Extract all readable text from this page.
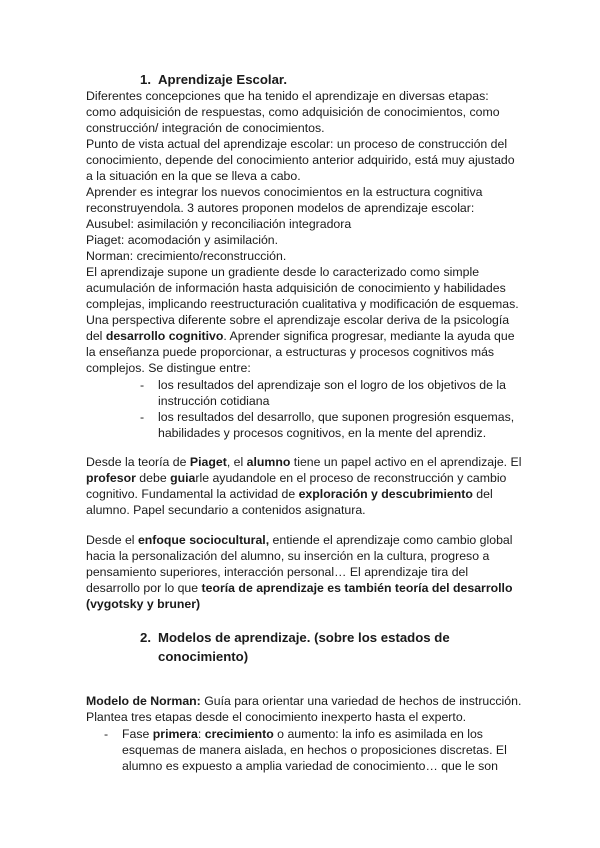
1. Aprendizaje Escolar.
Diferentes concepciones que ha tenido el aprendizaje en diversas etapas:
como adquisición de respuestas, como adquisición de conocimientos, como
construcción/ integración de conocimientos.
Punto de vista actual del aprendizaje escolar: un proceso de construcción del
conocimiento, depende del conocimiento anterior adquirido, está muy ajustado
a la situación en la que se lleva a cabo.
Aprender es integrar los nuevos conocimientos en la estructura cognitiva
reconstruyendola. 3 autores proponen modelos de aprendizaje escolar:
Ausubel: asimilación y reconciliación integradora
Piaget: acomodación y asimilación.
Norman: crecimiento/reconstrucción.
El aprendizaje supone un gradiente desde lo caracterizado como simple
acumulación de información hasta adquisición de conocimiento y habilidades
complejas, implicando reestructuración cualitativa y modificación de esquemas.
Una perspectiva diferente sobre el aprendizaje escolar deriva de la psicología
del desarrollo cognitivo. Aprender significa progresar, mediante la ayuda que
la enseñanza puede proporcionar, a estructuras y procesos cognitivos más
complejos. Se distingue entre:
- los resultados del aprendizaje son el logro de los objetivos de la
instrucción cotidiana
- los resultados del desarrollo, que suponen progresión esquemas,
habilidades y procesos cognitivos, en la mente del aprendiz.
Desde la teoría de Piaget, el alumno tiene un papel activo en el aprendizaje. El
profesor debe guiarle ayudandole en el proceso de reconstrucción y cambio
cognitivo. Fundamental la actividad de exploración y descubrimiento del
alumno. Papel secundario a contenidos asignatura.
Desde el enfoque sociocultural, entiende el aprendizaje como cambio global
hacia la personalización del alumno, su inserción en la cultura, progreso a
pensamiento superiores, interacción personal… El aprendizaje tira del
desarrollo por lo que teoría de aprendizaje es también teoría del desarrollo
(vygotsky y bruner)
2. Modelos de aprendizaje. (sobre los estados de
conocimiento)
Modelo de Norman: Guía para orientar una variedad de hechos de instrucción.
Plantea tres etapas desde el conocimiento inexperto hasta el experto.
- Fase primera: crecimiento o aumento: la info es asimilada en los
esquemas de manera aislada, en hechos o proposiciones discretas. El
alumno es expuesto a amplia variedad de conocimiento… que le son
